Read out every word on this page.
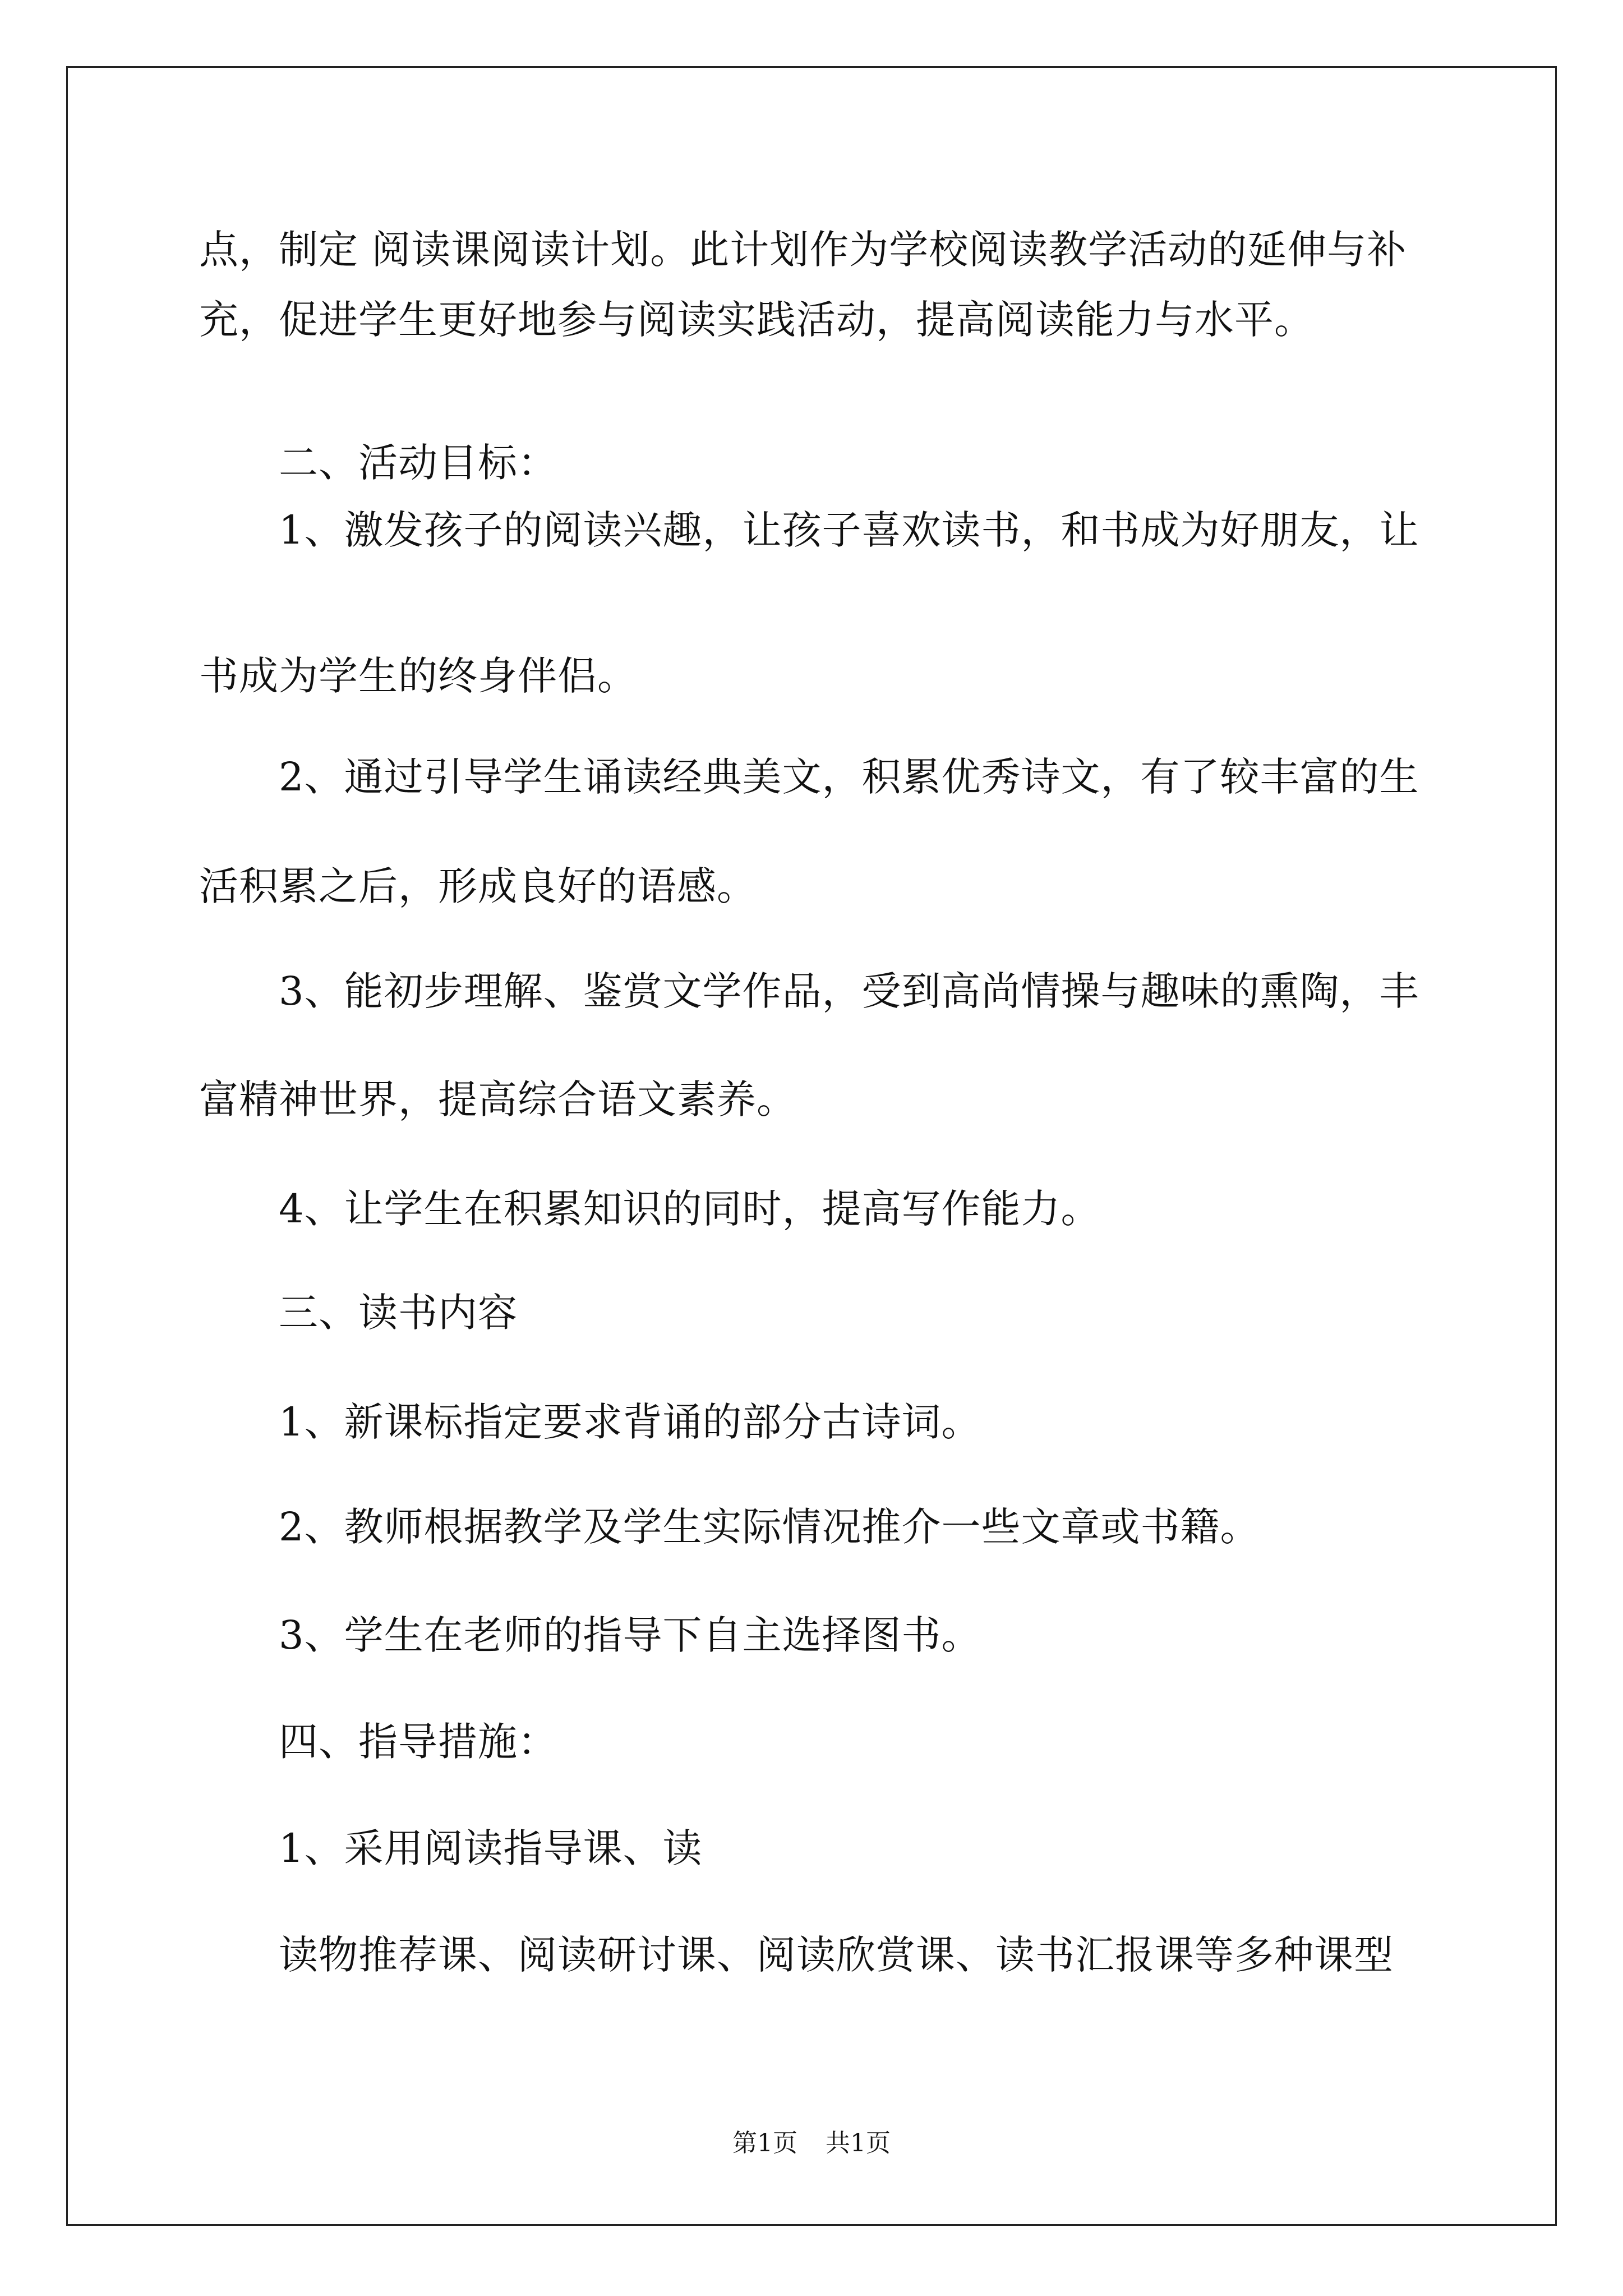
点，制定 阅读课阅读计划。此计划作为学校阅读教学活动的延伸与补
充，促进学生更好地参与阅读实践活动，提高阅读能力与水平。
二、活动目标：
1、激发孩子的阅读兴趣，让孩子喜欢读书，和书成为好朋友，让
书成为学生的终身伴侣。
2、通过引导学生诵读经典美文，积累优秀诗文，有了较丰富的生
活积累之后，形成良好的语感。
3、能初步理解、鉴赏文学作品，受到高尚情操与趣味的熏陶，丰
富精神世界，提高综合语文素养。
4、让学生在积累知识的同时，提高写作能力。
三、读书内容
1、新课标指定要求背诵的部分古诗词。
2、教师根据教学及学生实际情况推介一些文章或书籍。
3、学生在老师的指导下自主选择图书。
四、指导措施：
1、采用阅读指导课、读
读物推荐课、阅读研讨课、阅读欣赏课、读书汇报课等多种课型
第1页 共1页
